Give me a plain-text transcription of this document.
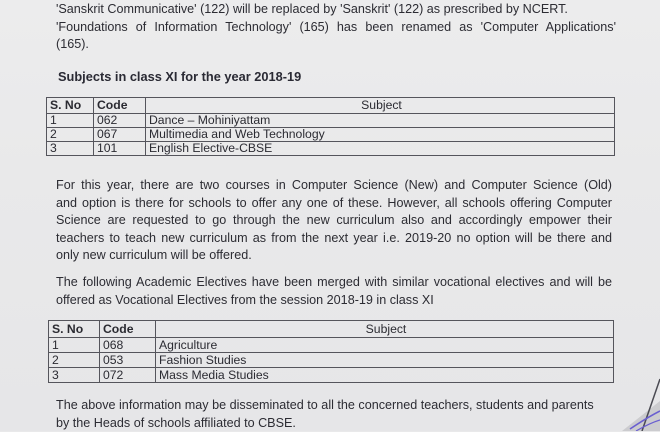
'Sanskrit Communicative' (122) will be replaced by 'Sanskrit' (122) as prescribed by NCERT.
'Foundations of Information Technology' (165) has been renamed as 'Computer Applications'
(165).

Subjects in class XI for the year 2018-19
S. No	Code	Subject
1	062	Dance – Mohiniyattam
2	067	Multimedia and Web Technology
3	101	English Elective-CBSE

For this year, there are two courses in Computer Science (New) and Computer Science (Old)
and option is there for schools to offer any one of these. However, all schools offering Computer
Science are requested to go through the new curriculum also and accordingly empower their
teachers to teach new curriculum as from the next year i.e. 2019-20 no option will be there and
only new curriculum will be offered.

The following Academic Electives have been merged with similar vocational electives and will be
offered as Vocational Electives from the session 2018-19 in class XI

S. No	Code	Subject
1	068	Agriculture
2	053	Fashion Studies
3	072	Mass Media Studies

The above information may be disseminated to all the concerned teachers, students and parents
by the Heads of schools affiliated to CBSE.
